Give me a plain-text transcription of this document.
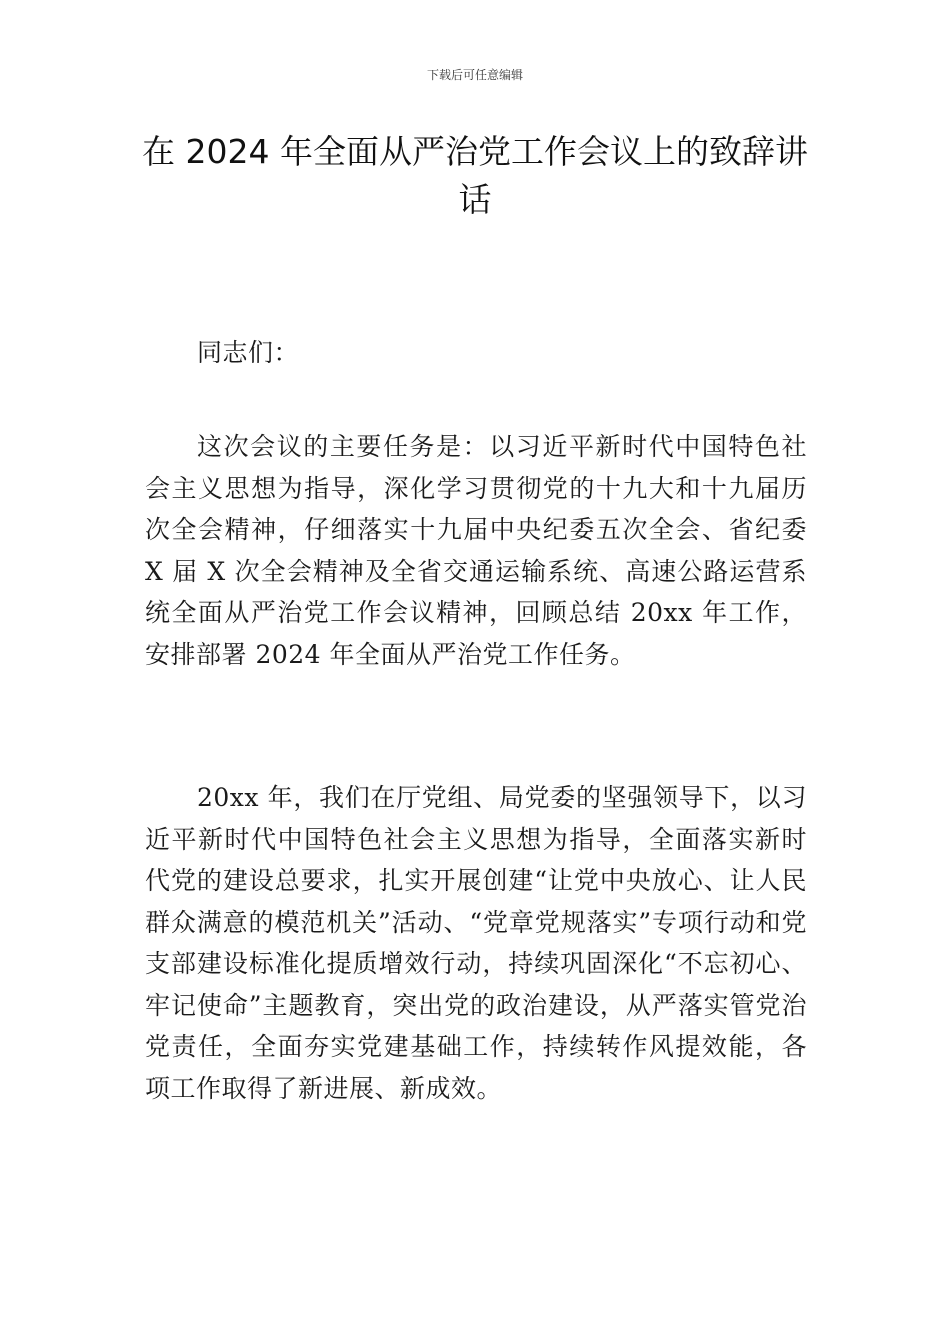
下载后可任意编辑
在 2024 年全面从严治党工作会议上的致辞讲话

同志们：

这次会议的主要任务是：以习近平新时代中国特色社会主义思想为指导，深化学习贯彻党的十九大和十九届历次全会精神，仔细落实十九届中央纪委五次全会、省纪委 X 届 X 次全会精神及全省交通运输系统、高速公路运营系统全面从严治党工作会议精神，回顾总结 20xx 年工作，安排部署 2024 年全面从严治党工作任务。

20xx 年，我们在厅党组、局党委的坚强领导下，以习近平新时代中国特色社会主义思想为指导，全面落实新时代党的建设总要求，扎实开展创建“让党中央放心、让人民群众满意的模范机关”活动、“党章党规落实”专项行动和党支部建设标准化提质增效行动，持续巩固深化“不忘初心、牢记使命”主题教育，突出党的政治建设，从严落实管党治党责任，全面夯实党建基础工作，持续转作风提效能，各项工作取得了新进展、新成效。
